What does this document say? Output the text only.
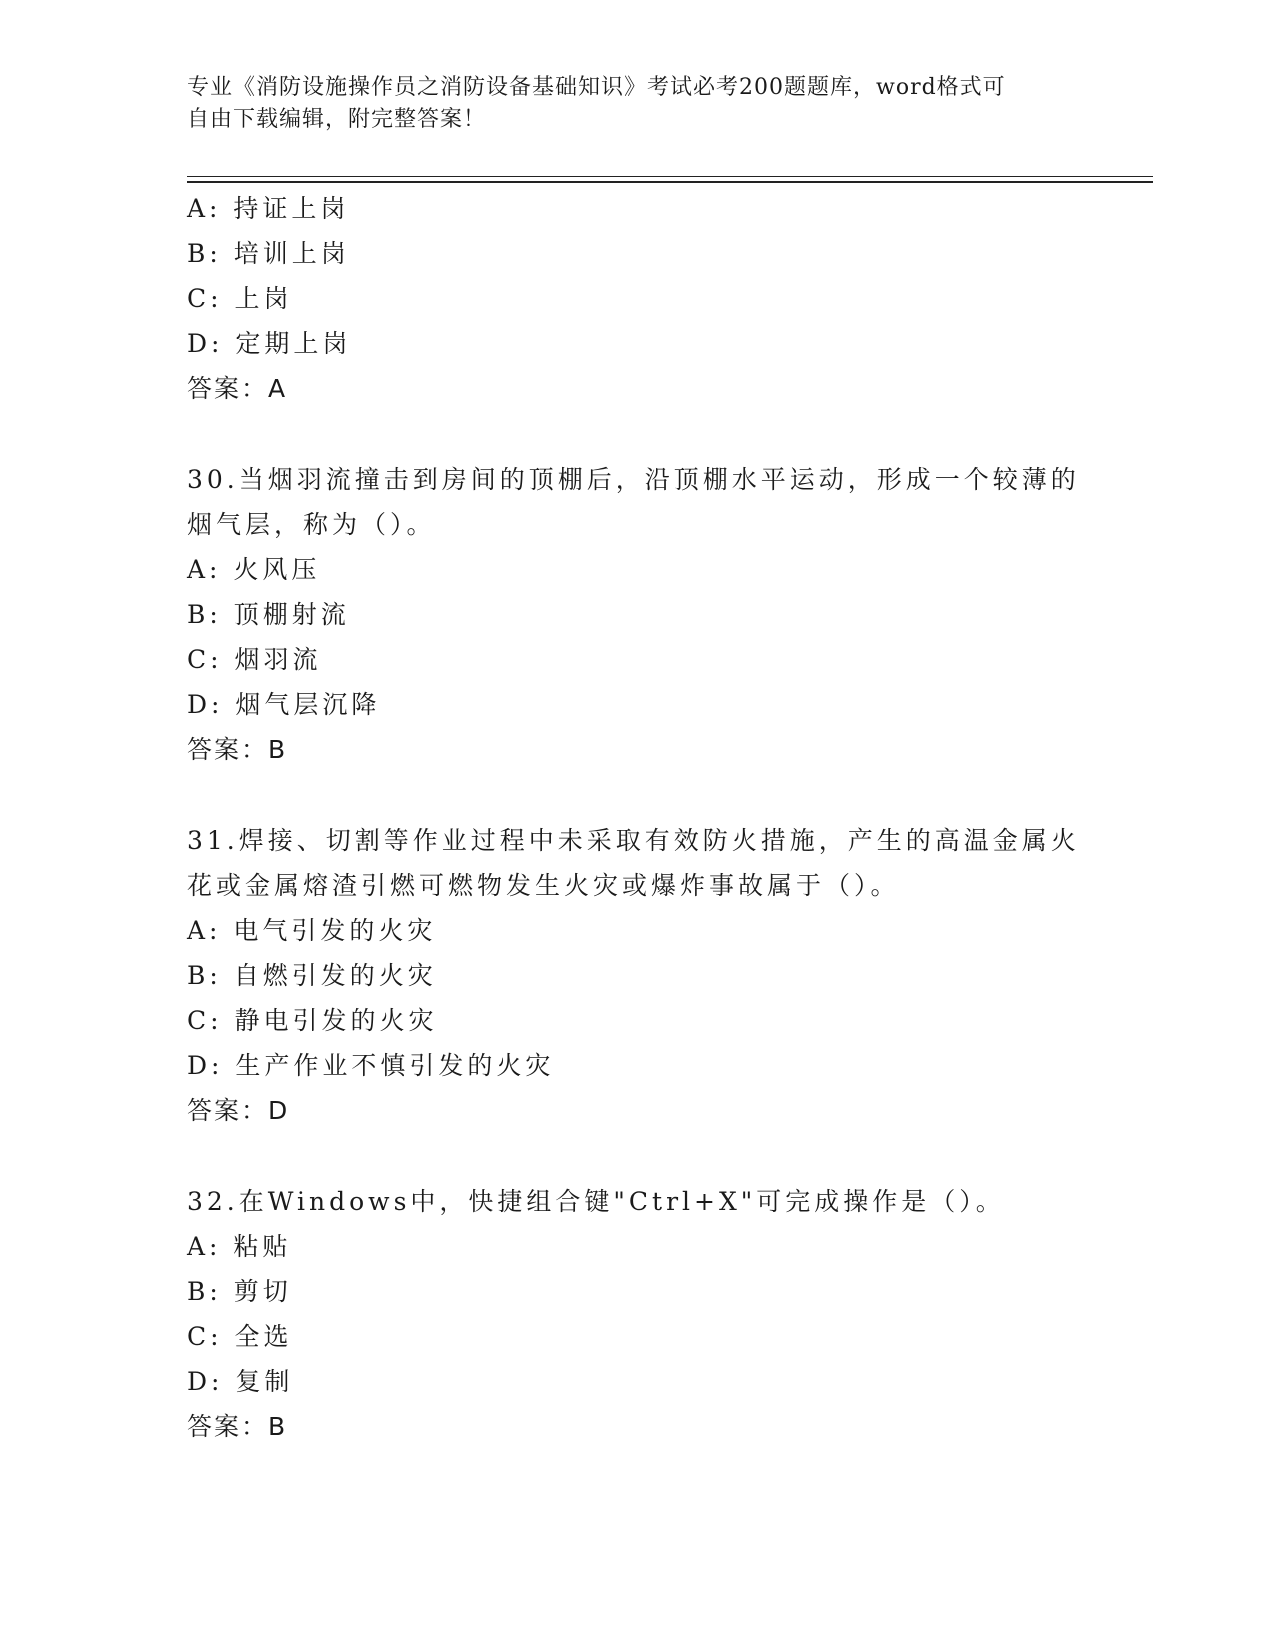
专业《消防设施操作员之消防设备基础知识》考试必考200题题库，word格式可
自由下载编辑，附完整答案！
A: 持证上岗
B: 培训上岗
C: 上岗
D: 定期上岗
答案：A
30.当烟羽流撞击到房间的顶棚后，沿顶棚水平运动，形成一个较薄的
烟气层，称为（）。
A: 火风压
B: 顶棚射流
C: 烟羽流
D: 烟气层沉降
答案：B
31.焊接、切割等作业过程中未采取有效防火措施，产生的高温金属火
花或金属熔渣引燃可燃物发生火灾或爆炸事故属于（）。
A: 电气引发的火灾
B: 自燃引发的火灾
C: 静电引发的火灾
D: 生产作业不慎引发的火灾
答案：D
32.在Windows中，快捷组合键"Ctrl+X"可完成操作是（）。
A: 粘贴
B: 剪切
C: 全选
D: 复制
答案：B
